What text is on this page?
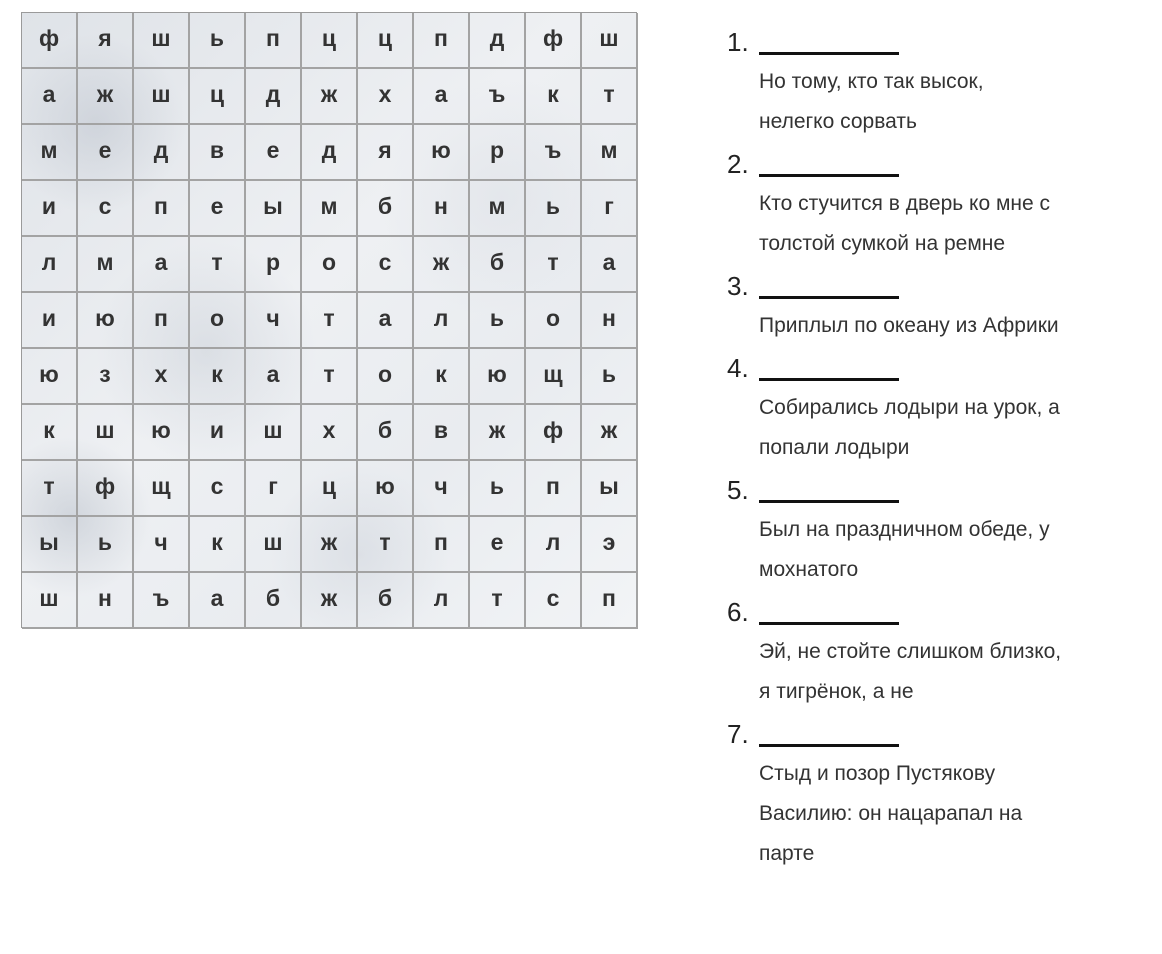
ф	я	ш	ь	п	ц	ц	п	д	ф	ш
а	ж	ш	ц	д	ж	х	а	ъ	к	т
м	е	д	в	е	д	я	ю	р	ъ	м
и	с	п	е	ы	м	б	н	м	ь	г
л	м	а	т	р	о	с	ж	б	т	а
и	ю	п	о	ч	т	а	л	ь	о	н
ю	з	х	к	а	т	о	к	ю	щ	ь
к	ш	ю	и	ш	х	б	в	ж	ф	ж
т	ф	щ	с	г	ц	ю	ч	ь	п	ы
ы	ь	ч	к	ш	ж	т	п	е	л	э
ш	н	ъ	а	б	ж	б	л	т	с	п
1.
Но тому, кто так высок,
нелегко сорвать
2.
Кто стучится в дверь ко мне с
толстой сумкой на ремне
3.
Приплыл по океану из Африки
4.
Собирались лодыри на урок, а
попали лодыри
5.
Был на праздничном обеде, у
мохнатого
6.
Эй, не стойте слишком близко,
я тигрёнок, а не
7.
Стыд и позор Пустякову
Василию: он нацарапал на
парте
